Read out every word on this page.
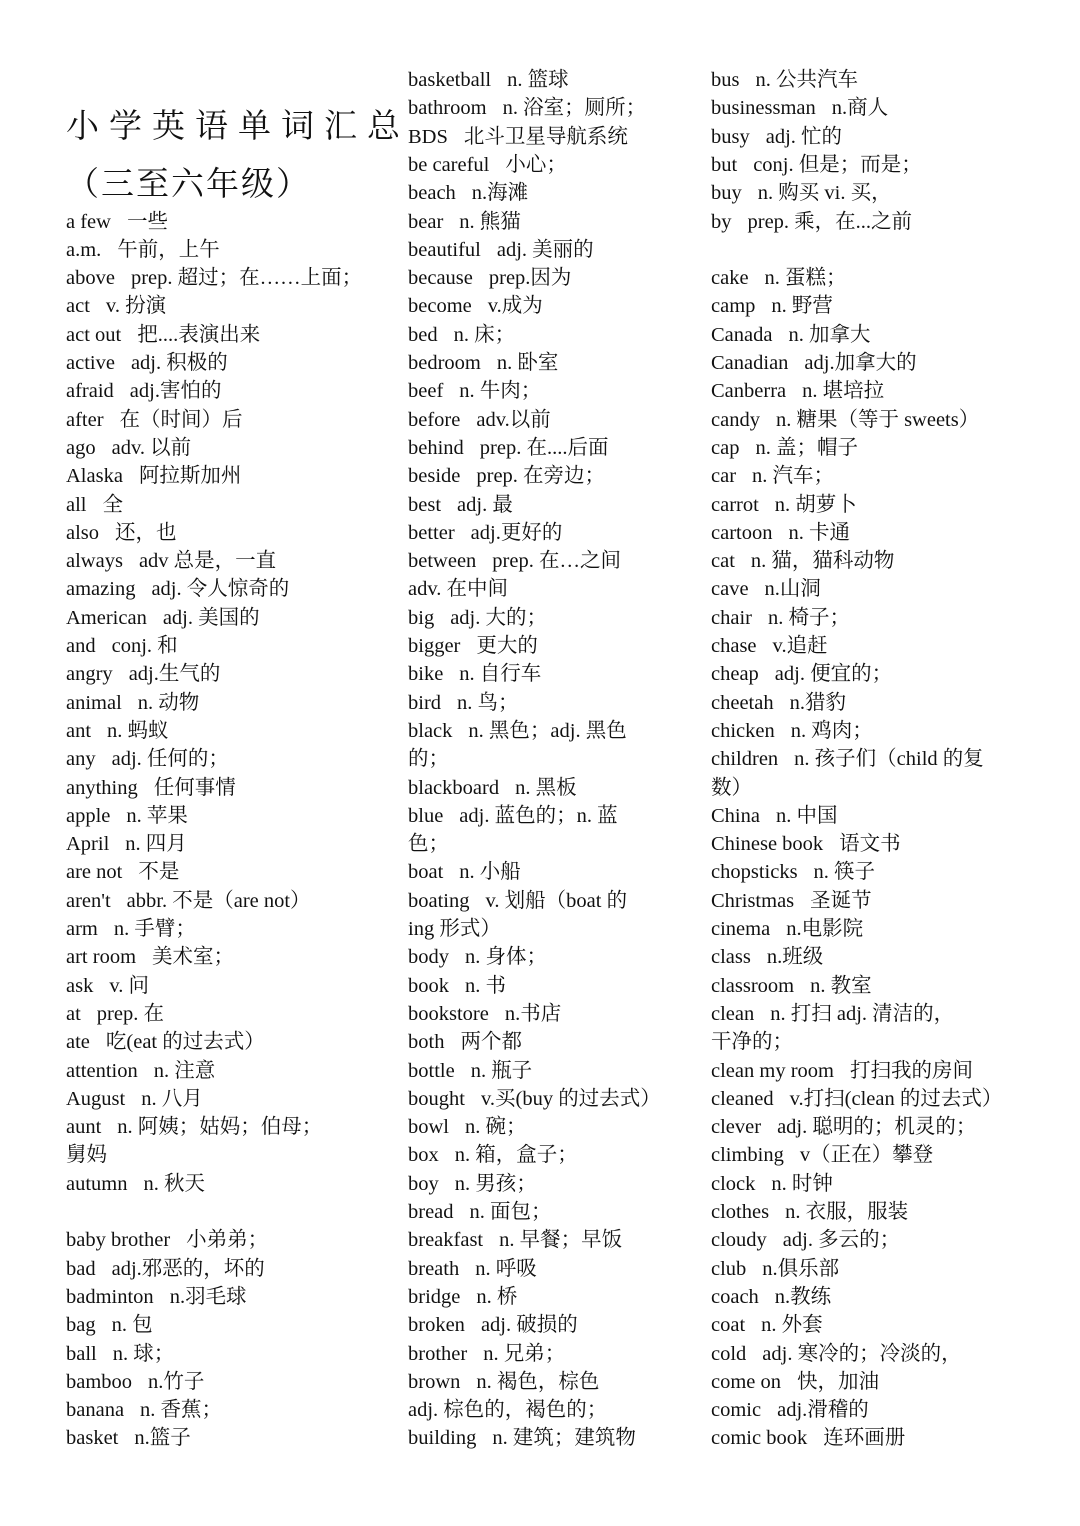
小学英语单词汇总
（三至六年级）
a few 一些
a.m. 午前，上午
above prep. 超过；在……上面；
act v. 扮演
act out 把....表演出来
active adj. 积极的
afraid adj.害怕的
after 在（时间）后
ago adv. 以前
Alaska 阿拉斯加州
all 全
also 还，也
always adv 总是，一直
amazing adj. 令人惊奇的
American adj. 美国的
and conj. 和
angry adj.生气的
animal n. 动物
ant n. 蚂蚁
any adj. 任何的；
anything 任何事情
apple n. 苹果
April n. 四月
are not 不是
aren't abbr. 不是（are not）
arm n. 手臂；
art room 美术室；
ask v. 问
at prep. 在
ate 吃(eat 的过去式）
attention n. 注意
August n. 八月
aunt n. 阿姨；姑妈；伯母；
舅妈
autumn n. 秋天
baby brother 小弟弟；
bad adj.邪恶的，坏的
badminton n.羽毛球
bag n. 包
ball n. 球；
bamboo n.竹子
banana n. 香蕉；
basket n.篮子
basketball n. 篮球
bathroom n. 浴室；厕所；
BDS 北斗卫星导航系统
be careful 小心；
beach n.海滩
bear n. 熊猫
beautiful adj. 美丽的
because prep.因为
become v.成为
bed n. 床；
bedroom n. 卧室
beef n. 牛肉；
before adv.以前
behind prep. 在....后面
beside prep. 在旁边；
best adj. 最
better adj.更好的
between prep. 在…之间
adv. 在中间
big adj. 大的；
bigger 更大的
bike n. 自行车
bird n. 鸟；
black n. 黑色；adj. 黑色
的；
blackboard n. 黑板
blue adj. 蓝色的；n. 蓝
色；
boat n. 小船
boating v. 划船（boat 的
ing 形式）
body n. 身体；
book n. 书
bookstore n.书店
both 两个都
bottle n. 瓶子
bought v.买(buy 的过去式）
bowl n. 碗；
box n. 箱，盒子；
boy n. 男孩；
bread n. 面包；
breakfast n. 早餐；早饭
breath n. 呼吸
bridge n. 桥
broken adj. 破损的
brother n. 兄弟；
brown n. 褐色，棕色
adj. 棕色的，褐色的；
building n. 建筑；建筑物
bus n. 公共汽车
businessman n.商人
busy adj. 忙的
but conj. 但是；而是；
buy n. 购买 vi. 买，
by prep. 乘，在...之前
cake n. 蛋糕；
camp n. 野营
Canada n. 加拿大
Canadian adj.加拿大的
Canberra n. 堪培拉
candy n. 糖果（等于 sweets）
cap n. 盖；帽子
car n. 汽车；
carrot n. 胡萝卜
cartoon n. 卡通
cat n. 猫，猫科动物
cave n.山洞
chair n. 椅子；
chase v.追赶
cheap adj. 便宜的；
cheetah n.猎豹
chicken n. 鸡肉；
children n. 孩子们（child 的复
数）
China n. 中国
Chinese book 语文书
chopsticks n. 筷子
Christmas 圣诞节
cinema n.电影院
class n.班级
classroom n. 教室
clean n. 打扫 adj. 清洁的，
干净的；
clean my room 打扫我的房间
cleaned v.打扫(clean 的过去式）
clever adj. 聪明的；机灵的；
climbing v（正在）攀登
clock n. 时钟
clothes n. 衣服，服装
cloudy adj. 多云的；
club n.俱乐部
coach n.教练
coat n. 外套
cold adj. 寒冷的；冷淡的，
come on 快，加油
comic adj.滑稽的
comic book 连环画册
